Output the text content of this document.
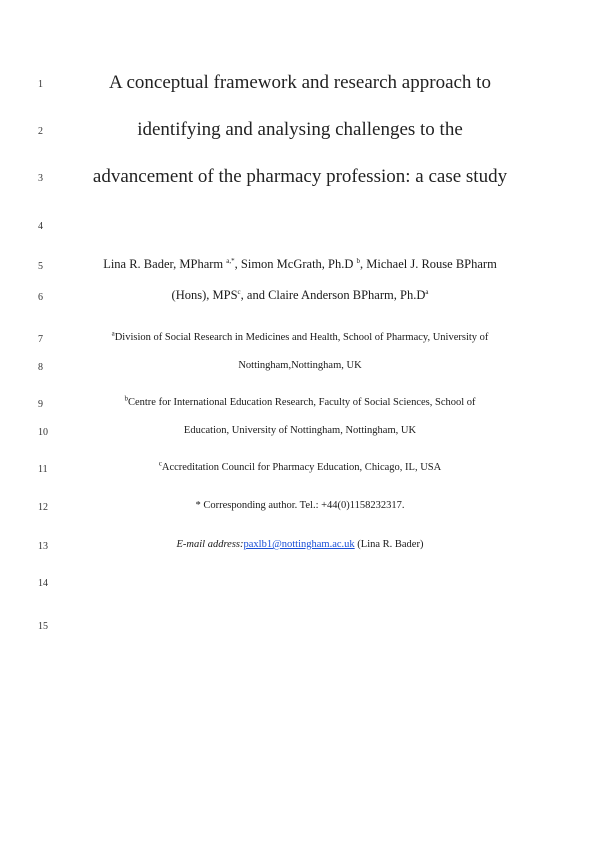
1
2
3
4
5
6
7
8
9
10
11
12
13
14
15
A conceptual framework and research approach to
identifying and analysing challenges to the
advancement of the pharmacy profession: a case study
Lina R. Bader, MPharm $^{a,*}$, Simon McGrath, Ph.D $^b$, Michael J. Rouse BPharm
(Hons), MPS$^c$, and Claire Anderson BPharm, $Ph.D^a$
$^a$Division of Social Research in Medicines and Health, School of Pharmacy, University of
Nottingham,Nottingham, UK
$^b$Centre for International Education Research, Faculty of Social Sciences, School of
Education, University of Nottingham, Nottingham, UK
$^c$Accreditation Council for Pharmacy Education, Chicago, IL, USA
* Corresponding author. Tel.: +44(0)1158232317.
E-mail address:paxlb1@nottingham.ac.uk (Lina R. Bader)
